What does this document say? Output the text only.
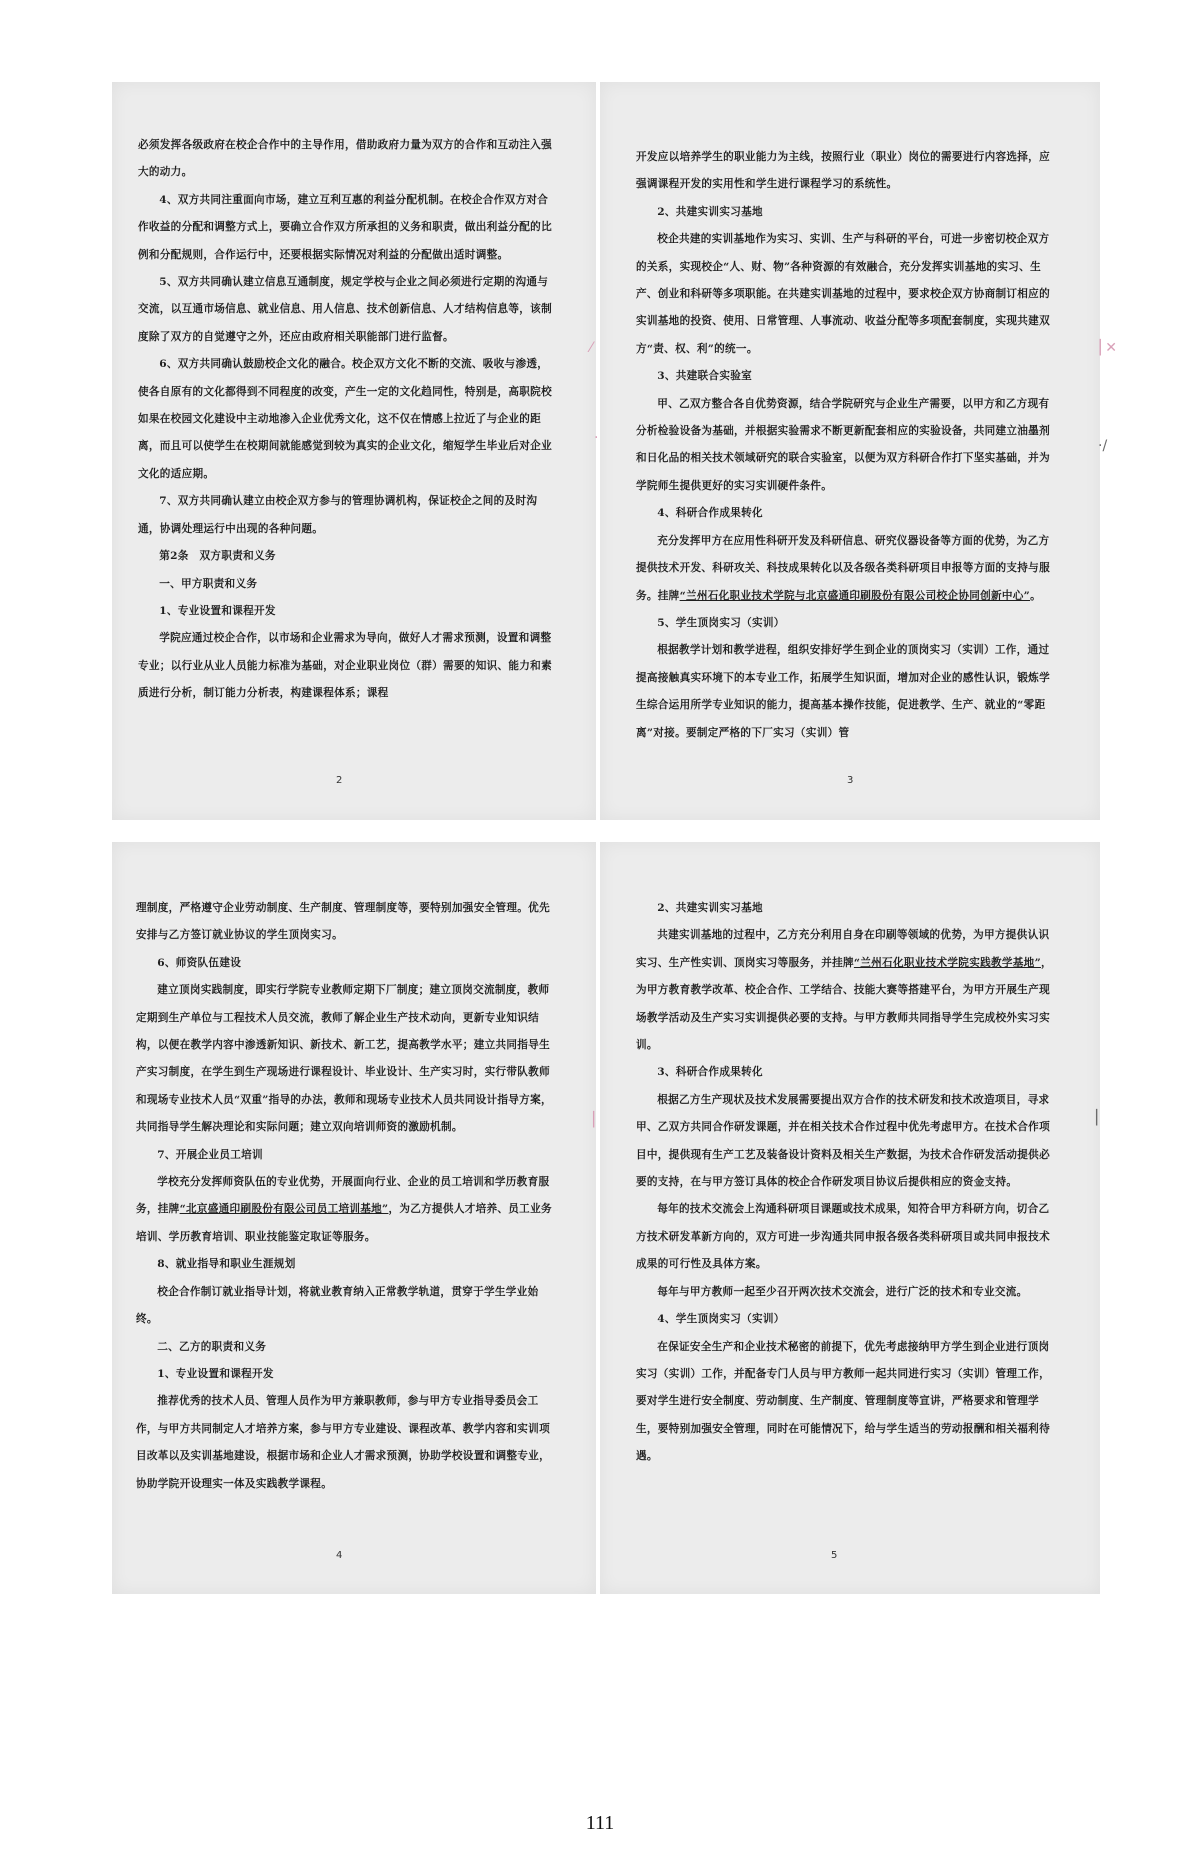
⁄
·
▕ ✕
·/
▏	▏

必须发挥各级政府在校企合作中的主导作用，借助政府力量为双方的合作和互动注入强大的动力。

4、双方共同注重面向市场，建立互利互惠的利益分配机制。在校企合作双方对合作收益的分配和调整方式上，要确立合作双方所承担的义务和职责，做出利益分配的比例和分配规则，合作运行中，还要根据实际情况对利益的分配做出适时调整。

5、双方共同确认建立信息互通制度，规定学校与企业之间必须进行定期的沟通与交流，以互通市场信息、就业信息、用人信息、技术创新信息、人才结构信息等，该制度除了双方的自觉遵守之外，还应由政府相关职能部门进行监督。

6、双方共同确认鼓励校企文化的融合。校企双方文化不断的交流、吸收与渗透，使各自原有的文化都得到不同程度的改变，产生一定的文化趋同性，特别是，高职院校如果在校园文化建设中主动地渗入企业优秀文化，这不仅在情感上拉近了与企业的距离，而且可以使学生在校期间就能感觉到较为真实的企业文化，缩短学生毕业后对企业文化的适应期。

7、双方共同确认建立由校企双方参与的管理协调机构，保证校企之间的及时沟通，协调处理运行中出现的各种问题。

第2条　双方职责和义务

一、甲方职责和义务

1、专业设置和课程开发

学院应通过校企合作，以市场和企业需求为导向，做好人才需求预测，设置和调整专业；以行业从业人员能力标准为基础，对企业职业岗位（群）需要的知识、能力和素质进行分析，制订能力分析表，构建课程体系；课程

开发应以培养学生的职业能力为主线，按照行业（职业）岗位的需要进行内容选择，应强调课程开发的实用性和学生进行课程学习的系统性。

2、共建实训实习基地

校企共建的实训基地作为实习、实训、生产与科研的平台，可进一步密切校企双方的关系，实现校企“人、财、物”各种资源的有效融合，充分发挥实训基地的实习、生产、创业和科研等多项职能。在共建实训基地的过程中，要求校企双方协商制订相应的实训基地的投资、使用、日常管理、人事流动、收益分配等多项配套制度，实现共建双方“责、权、利”的统一。

3、共建联合实验室

甲、乙双方整合各自优势资源，结合学院研究与企业生产需要，以甲方和乙方现有分析检验设备为基础，并根据实验需求不断更新配套相应的实验设备，共同建立油墨剂和日化品的相关技术领域研究的联合实验室，以便为双方科研合作打下坚实基础，并为学院师生提供更好的实习实训硬件条件。

4、科研合作成果转化

充分发挥甲方在应用性科研开发及科研信息、研究仪器设备等方面的优势，为乙方提供技术开发、科研攻关、科技成果转化以及各级各类科研项目申报等方面的支持与服务。挂牌“兰州石化职业技术学院与北京盛通印刷股份有限公司校企协同创新中心”。

5、学生顶岗实习（实训）

根据教学计划和教学进程，组织安排好学生到企业的顶岗实习（实训）工作，通过提高接触真实环境下的本专业工作，拓展学生知识面，增加对企业的感性认识，锻炼学生综合运用所学专业知识的能力，提高基本操作技能，促进教学、生产、就业的“零距离”对接。要制定严格的下厂实习（实训）管

理制度，严格遵守企业劳动制度、生产制度、管理制度等，要特别加强安全管理。优先安排与乙方签订就业协议的学生顶岗实习。

6、师资队伍建设

建立顶岗实践制度，即实行学院专业教师定期下厂制度；建立顶岗交流制度，教师定期到生产单位与工程技术人员交流，教师了解企业生产技术动向，更新专业知识结构，以便在教学内容中渗透新知识、新技术、新工艺，提高教学水平；建立共同指导生产实习制度，在学生到生产现场进行课程设计、毕业设计、生产实习时，实行带队教师和现场专业技术人员“双重”指导的办法，教师和现场专业技术人员共同设计指导方案，共同指导学生解决理论和实际问题；建立双向培训师资的激励机制。

7、开展企业员工培训

学校充分发挥师资队伍的专业优势，开展面向行业、企业的员工培训和学历教育服务，挂牌“北京盛通印刷股份有限公司员工培训基地”，为乙方提供人才培养、员工业务培训、学历教育培训、职业技能鉴定取证等服务。

8、就业指导和职业生涯规划

校企合作制订就业指导计划，将就业教育纳入正常教学轨道，贯穿于学生学业始终。

二、乙方的职责和义务

1、专业设置和课程开发

推荐优秀的技术人员、管理人员作为甲方兼职教师，参与甲方专业指导委员会工作，与甲方共同制定人才培养方案，参与甲方专业建设、课程改革、教学内容和实训项目改革以及实训基地建设，根据市场和企业人才需求预测，协助学校设置和调整专业，协助学院开设理实一体及实践教学课程。

2、共建实训实习基地

共建实训基地的过程中，乙方充分利用自身在印刷等领域的优势，为甲方提供认识实习、生产性实训、顶岗实习等服务，并挂牌“兰州石化职业技术学院实践教学基地”，为甲方教育教学改革、校企合作、工学结合、技能大赛等搭建平台，为甲方开展生产现场教学活动及生产实习实训提供必要的支持。与甲方教师共同指导学生完成校外实习实训。

3、科研合作成果转化

根据乙方生产现状及技术发展需要提出双方合作的技术研发和技术改造项目，寻求甲、乙双方共同合作研发课题，并在相关技术合作过程中优先考虑甲方。在技术合作项目中，提供现有生产工艺及装备设计资料及相关生产数据，为技术合作研发活动提供必要的支持，在与甲方签订具体的校企合作研发项目协议后提供相应的资金支持。

每年的技术交流会上沟通科研项目课题或技术成果，知符合甲方科研方向，切合乙方技术研发革新方向的，双方可进一步沟通共同申报各级各类科研项目或共同申报技术成果的可行性及具体方案。

每年与甲方教师一起至少召开两次技术交流会，进行广泛的技术和专业交流。

4、学生顶岗实习（实训）

在保证安全生产和企业技术秘密的前提下，优先考虑接纳甲方学生到企业进行顶岗实习（实训）工作，并配备专门人员与甲方教师一起共同进行实习（实训）管理工作，要对学生进行安全制度、劳动制度、生产制度、管理制度等宣讲，严格要求和管理学生，要特别加强安全管理，同时在可能情况下，给与学生适当的劳动报酬和相关福利待遇。

2	3
4	5
111
